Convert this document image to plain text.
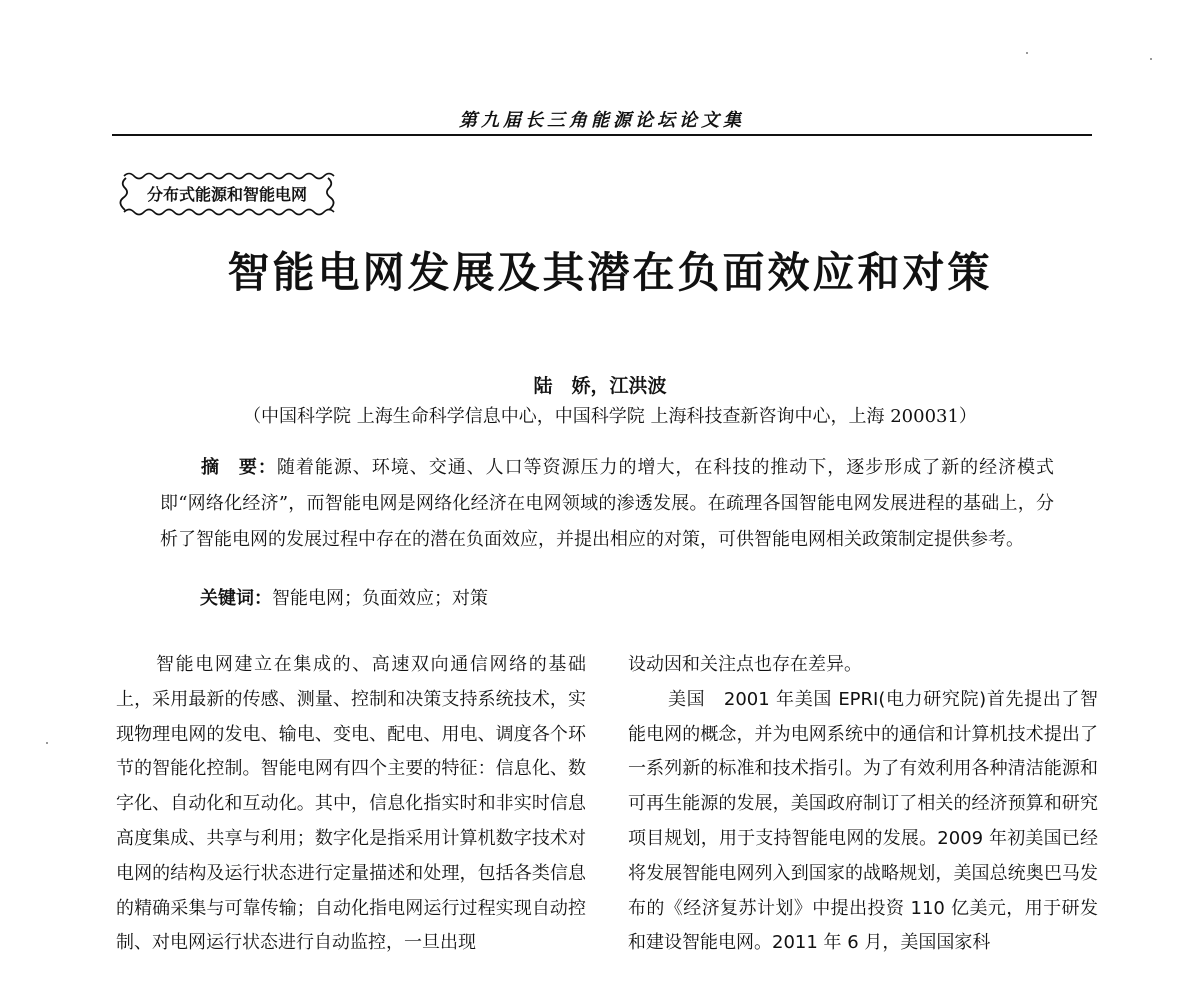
第九届长三角能源论坛论文集
分布式能源和智能电网
智能电网发展及其潜在负面效应和对策
陆　娇，江洪波
（中国科学院 上海生命科学信息中心，中国科学院 上海科技查新咨询中心，上海 200031）
摘　要：随着能源、环境、交通、人口等资源压力的增大，在科技的推动下，逐步形成了新的经济模式即“网络化经济”，而智能电网是网络化经济在电网领域的渗透发展。在疏理各国智能电网发展进程的基础上，分析了智能电网的发展过程中存在的潜在负面效应，并提出相应的对策，可供智能电网相关政策制定提供参考。
关键词：智能电网；负面效应；对策

智能电网建立在集成的、高速双向通信网络的基础上，采用最新的传感、测量、控制和决策支持系统技术，实现物理电网的发电、输电、变电、配电、用电、调度各个环节的智能化控制。智能电网有四个主要的特征：信息化、数字化、自动化和互动化。其中，信息化指实时和非实时信息高度集成、共享与利用；数字化是指采用计算机数字技术对电网的结构及运行状态进行定量描述和处理，包括各类信息的精确采集与可靠传输；自动化指电网运行过程实现自动控制、对电网运行状态进行自动监控，一旦出现

设动因和关注点也存在差异。

美国　2001 年美国 EPRI(电力研究院)首先提出了智能电网的概念，并为电网系统中的通信和计算机技术提出了一系列新的标准和技术指引。为了有效利用各种清洁能源和可再生能源的发展，美国政府制订了相关的经济预算和研究项目规划，用于支持智能电网的发展。2009 年初美国已经将发展智能电网列入到国家的战略规划，美国总统奥巴马发布的《经济复苏计划》中提出投资 110 亿美元，用于研发和建设智能电网。2011 年 6 月，美国国家科
